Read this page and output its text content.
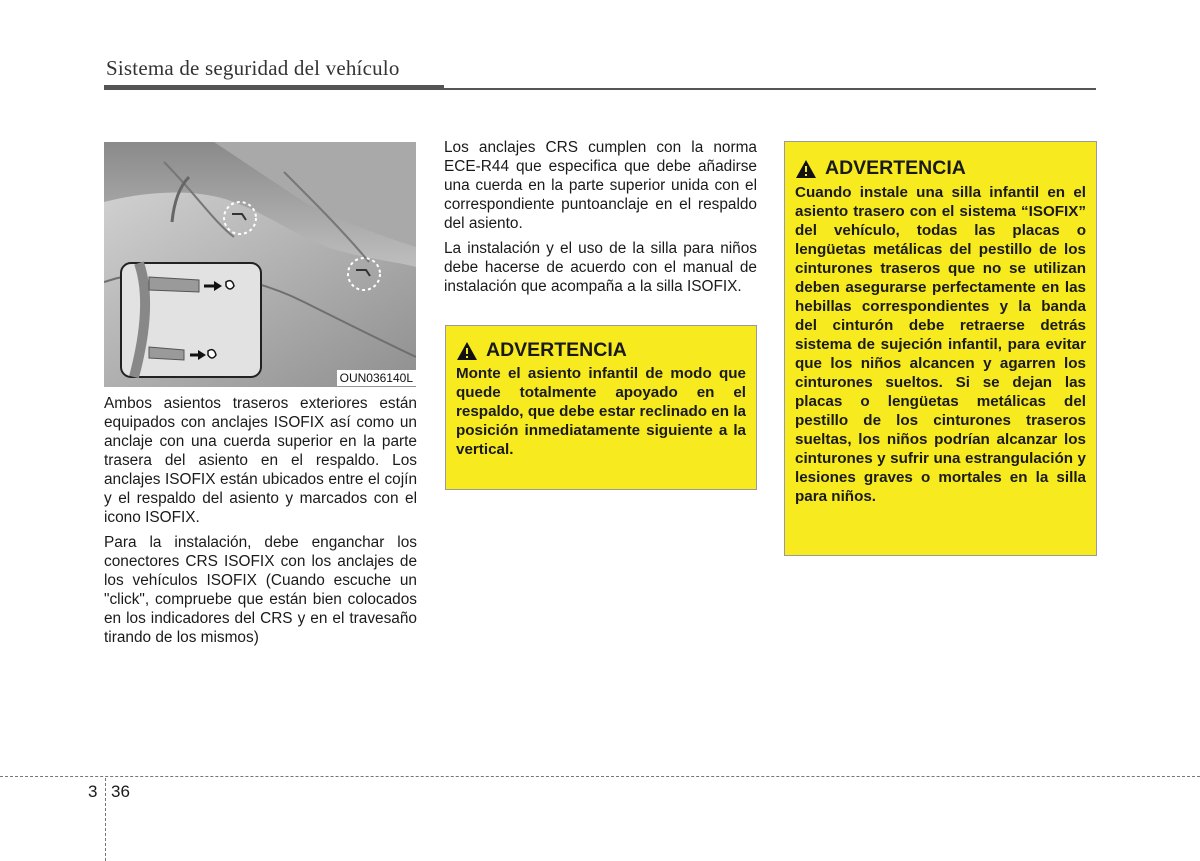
Sistema de seguridad del vehículo
OUN036140L

Ambos asientos traseros exteriores están equipados con anclajes ISOFIX así como un anclaje con una cuerda superior en la parte trasera del asiento en el respaldo. Los anclajes ISOFIX están ubicados entre el cojín y el respaldo del asiento y marcados con el icono ISOFIX.

Para la instalación, debe enganchar los conectores CRS ISOFIX con los anclajes de los vehículos ISOFIX (Cuando escuche un "click", compruebe que están bien colocados en los indicadores del CRS y en el travesaño tirando de los mismos)

Los anclajes CRS cumplen con la norma ECE-R44 que especifica que debe añadirse una cuerda en la parte superior unida con el correspondiente puntoanclaje en el respaldo del asiento.

La instalación y el uso de la silla para niños debe hacerse de acuerdo con el manual de instalación que acompaña a la silla ISOFIX.

ADVERTENCIA
Monte el asiento infantil de modo que quede totalmente apoyado en el respaldo, que debe estar reclinado en la posición inmediatamente siguiente a la vertical.
ADVERTENCIA
Cuando instale una silla infantil en el asiento trasero con el sistema “ISOFIX” del vehículo, todas las placas o lengüetas metálicas del pestillo de los cinturones traseros que no se utilizan deben asegurarse perfectamente en las hebillas correspondientes y la banda del cinturón debe retraerse detrás sistema de sujeción infantil, para evitar que los niños alcancen y agarren los cinturones sueltos. Si se dejan las placas o lengüetas metálicas del pestillo de los cinturones traseros sueltas, los niños podrían alcanzar los cinturones y sufrir una estrangulación y lesiones graves o mortales en la silla para niños.
3 36
